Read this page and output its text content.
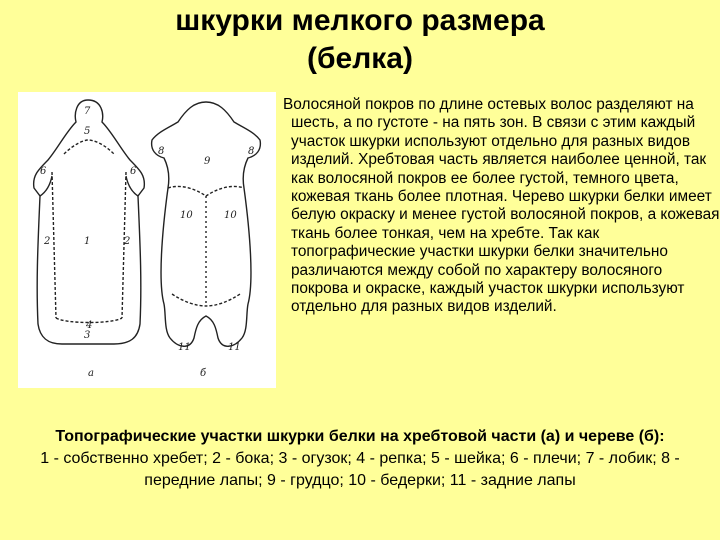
шкурки мелкого размера
(белка)
7
5
6	6
2	1	2
3
4
а
8	8
9
10	10
11	11
б
Волосяной покров по длине остевых волос разделяют на шесть, а по густоте - на пять зон. В связи с этим каждый участок шкурки используют отдельно для разных видов изделий. Хребтовая часть является наиболее ценной, так как волосяной покров ее более густой, темного цвета, кожевая ткань более плотная. Черево шкурки белки имеет белую окраску и менее густой волосяной покров, а кожевая ткань более тонкая, чем на хребте. Так как топографические участки шкурки белки значительно различаются между собой по характеру волосяного покрова и окраске, каждый участок шкурки используют отдельно для разных видов изделий.
Топографические участки шкурки белки на хребтовой части (а) и череве (б):
1 - собственно хребет; 2 - бока; 3 - огузок; 4 - репка; 5 - шейка; 6 - плечи; 7 - лобик; 8 - передние лапы; 9 - грудцо; 10 - бедерки; 11 - задние лапы
